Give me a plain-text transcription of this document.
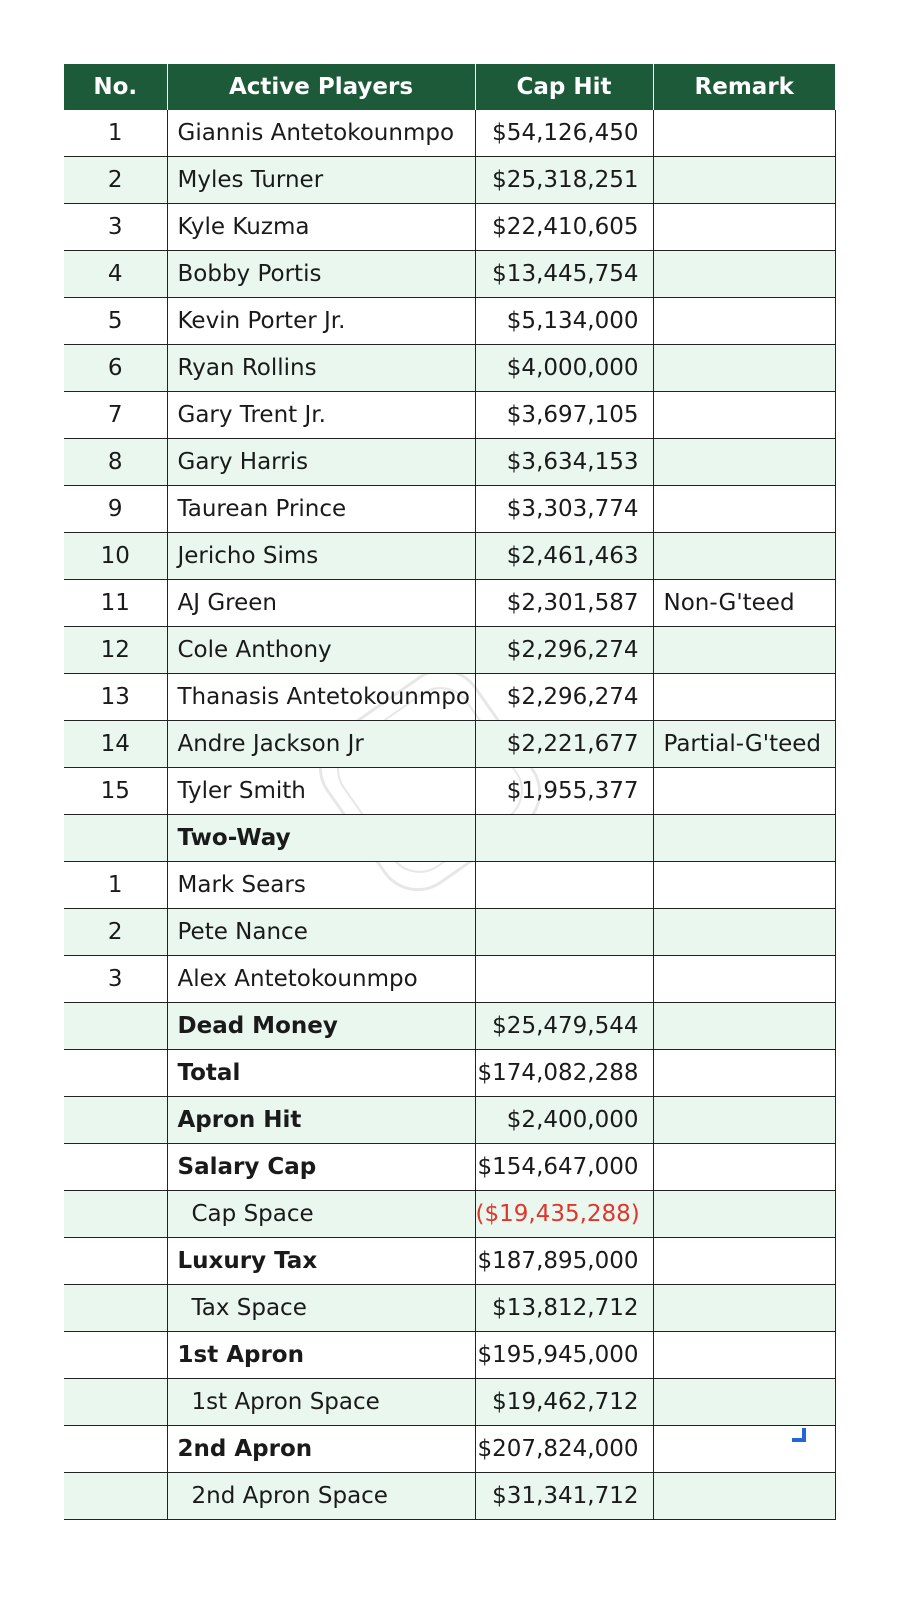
No.	Active Players	Cap Hit	Remark
1	Giannis Antetokounmpo	$54,126,450	
2	Myles Turner	$25,318,251	
3	Kyle Kuzma	$22,410,605	
4	Bobby Portis	$13,445,754	
5	Kevin Porter Jr.	$5,134,000	
6	Ryan Rollins	$4,000,000	
7	Gary Trent Jr.	$3,697,105	
8	Gary Harris	$3,634,153	
9	Taurean Prince	$3,303,774	
10	Jericho Sims	$2,461,463	
11	AJ Green	$2,301,587	Non-G'teed
12	Cole Anthony	$2,296,274	
13	Thanasis Antetokounmpo	$2,296,274	
14	Andre Jackson Jr	$2,221,677	Partial-G'teed
15	Tyler Smith	$1,955,377	
	Two-Way		
1	Mark Sears		
2	Pete Nance		
3	Alex Antetokounmpo		
	Dead Money	$25,479,544	
	Total	$174,082,288	
	Apron Hit	$2,400,000	
	Salary Cap	$154,647,000	
	Cap Space	($19,435,288)	
	Luxury Tax	$187,895,000	
	Tax Space	$13,812,712	
	1st Apron	$195,945,000	
	1st Apron Space	$19,462,712	
	2nd Apron	$207,824,000	
	2nd Apron Space	$31,341,712	
